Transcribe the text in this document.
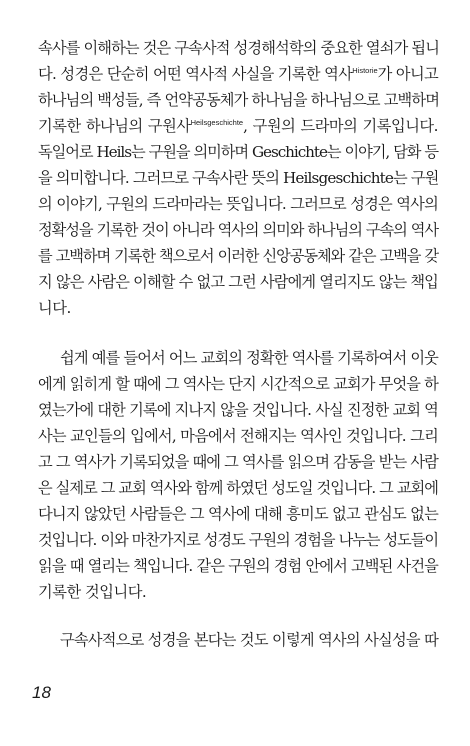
속사를 이해하는 것은 구속사적 성경해석학의 중요한 열쇠가 됩니
다. 성경은 단순히 어떤 역사적 사실을 기록한 역사$^{Historie}$가 아니고
하나님의 백성들, 즉 언약공동체가 하나님을 하나님으로 고백하며
기록한 하나님의 구원사$^{Heilsgeschichte}$, 구원의 드라마의 기록입니다.
독일어로 Heils는 구원을 의미하며 Geschichte는 이야기, 담화 등
을 의미합니다. 그러므로 구속사란 뜻의 Heilsgeschichte는 구원
의 이야기, 구원의 드라마라는 뜻입니다. 그러므로 성경은 역사의
정확성을 기록한 것이 아니라 역사의 의미와 하나님의 구속의 역사
를 고백하며 기록한 책으로서 이러한 신앙공동체와 같은 고백을 갖
지 않은 사람은 이해할 수 없고 그런 사람에게 열리지도 않는 책입
니다.
쉽게 예를 들어서 어느 교회의 정확한 역사를 기록하여서 이웃
에게 읽히게 할 때에 그 역사는 단지 시간적으로 교회가 무엇을 하
였는가에 대한 기록에 지나지 않을 것입니다. 사실 진정한 교회 역
사는 교인들의 입에서, 마음에서 전해지는 역사인 것입니다. 그리
고 그 역사가 기록되었을 때에 그 역사를 읽으며 감동을 받는 사람
은 실제로 그 교회 역사와 함께 하였던 성도일 것입니다. 그 교회에
다니지 않았던 사람들은 그 역사에 대해 흥미도 없고 관심도 없는
것입니다. 이와 마찬가지로 성경도 구원의 경험을 나누는 성도들이
읽을 때 열리는 책입니다. 같은 구원의 경험 안에서 고백된 사건을
기록한 것입니다.
구속사적으로 성경을 본다는 것도 이렇게 역사의 사실성을 따
18
